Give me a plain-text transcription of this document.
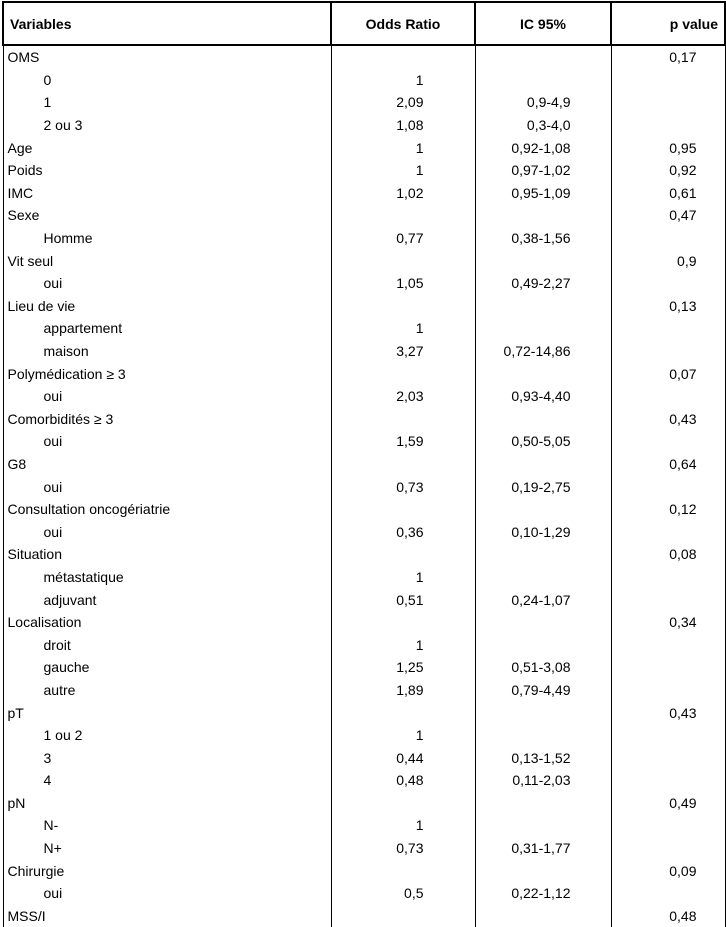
Variables	Odds Ratio	IC 95%	p value
OMS			0,17
0	1		
1	2,09	0,9-4,9	
2 ou 3	1,08	0,3-4,0	
Age	1	0,92-1,08	0,95
Poids	1	0,97-1,02	0,92
IMC	1,02	0,95-1,09	0,61
Sexe			0,47
Homme	0,77	0,38-1,56	
Vit seul			0,9
oui	1,05	0,49-2,27	
Lieu de vie			0,13
appartement	1		
maison	3,27	0,72-14,86	
Polymédication ≥ 3			0,07
oui	2,03	0,93-4,40	
Comorbidités ≥ 3			0,43
oui	1,59	0,50-5,05	
G8			0,64
oui	0,73	0,19-2,75	
Consultation oncogériatrie			0,12
oui	0,36	0,10-1,29	
Situation			0,08
métastatique	1		
adjuvant	0,51	0,24-1,07	
Localisation			0,34
droit	1		
gauche	1,25	0,51-3,08	
autre	1,89	0,79-4,49	
pT			0,43
1 ou 2	1		
3	0,44	0,13-1,52	
4	0,48	0,11-2,03	
pN			0,49
N-	1		
N+	0,73	0,31-1,77	
Chirurgie			0,09
oui	0,5	0,22-1,12	
MSS/I			0,48
